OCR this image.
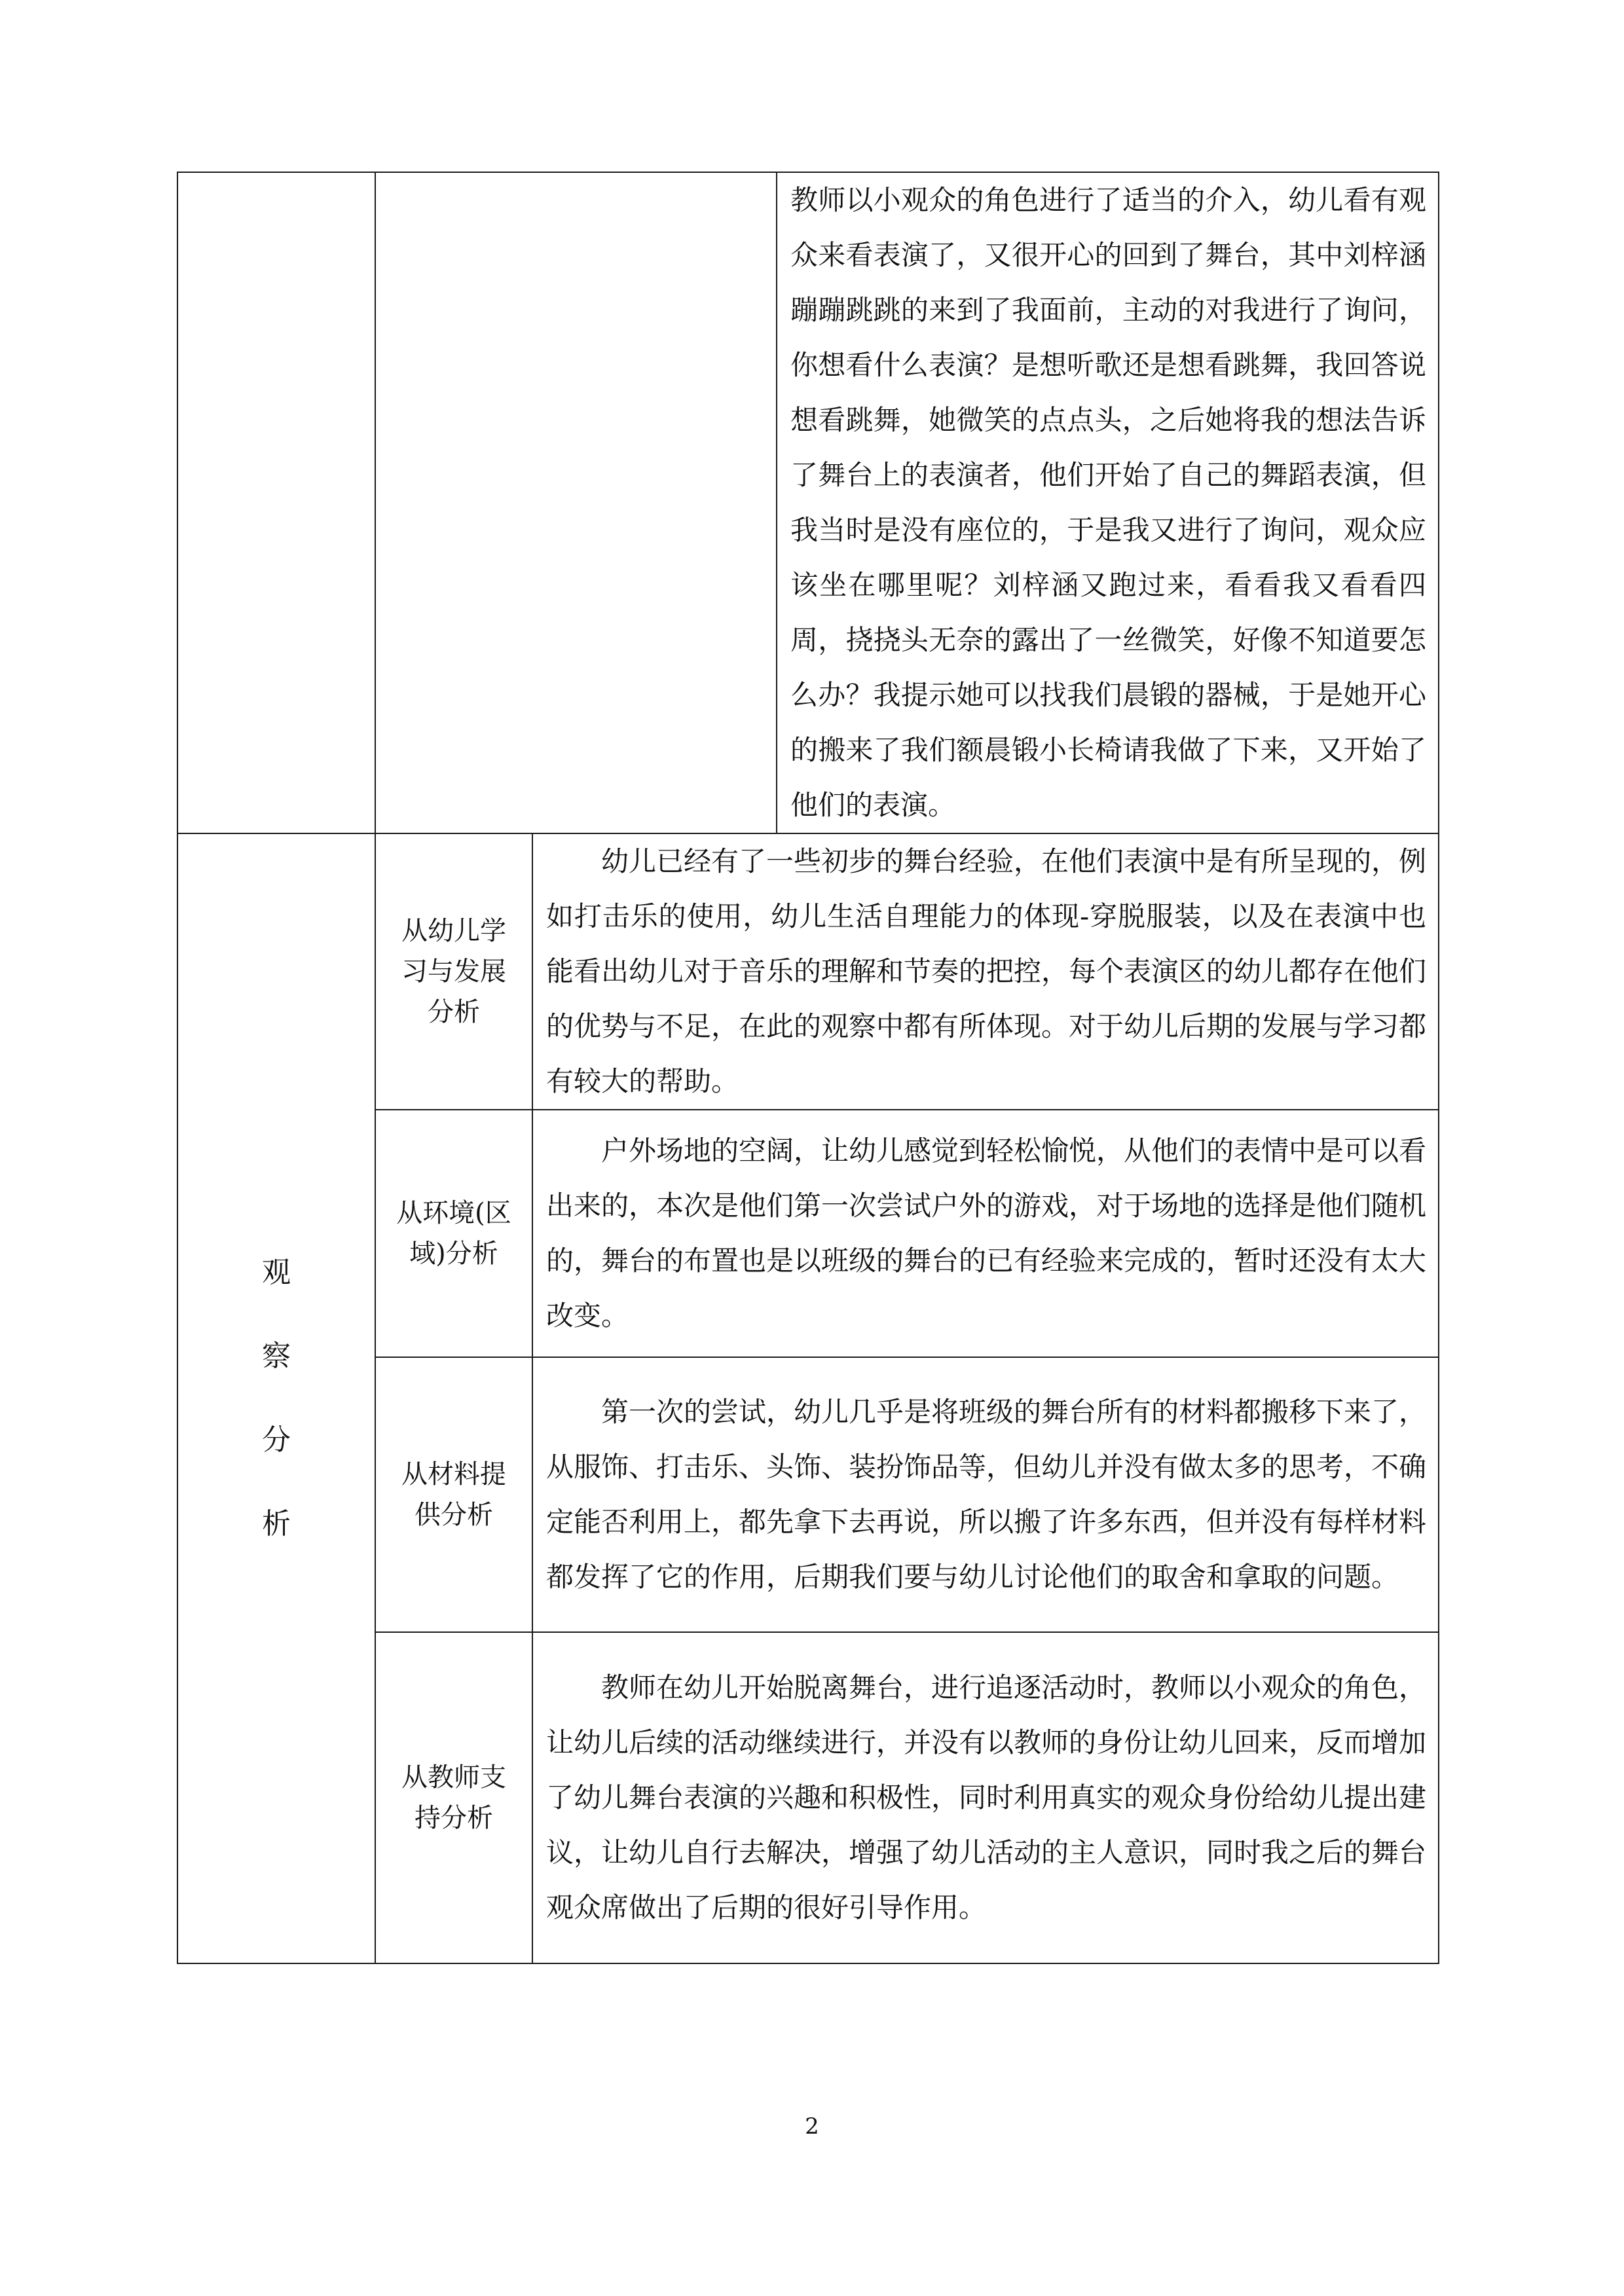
			教师以小观众的角色进行了适当的介入，幼儿看有观众来看表演了，又很开心的回到了舞台，其中刘梓涵蹦蹦跳跳的来到了我面前，主动的对我进行了询问，你想看什么表演？是想听歌还是想看跳舞，我回答说想看跳舞，她微笑的点点头，之后她将我的想法告诉了舞台上的表演者，他们开始了自己的舞蹈表演，但我当时是没有座位的，于是我又进行了询问，观众应该坐在哪里呢？刘梓涵又跑过来，看看我又看看四周，挠挠头无奈的露出了一丝微笑，好像不知道要怎么办？我提示她可以找我们晨锻的器械，于是她开心的搬来了我们额晨锻小长椅请我做了下来，又开始了他们的表演。

观
察
分
析	从幼儿学习与发展分析	幼儿已经有了一些初步的舞台经验，在他们表演中是有所呈现的，例如打击乐的使用，幼儿生活自理能力的体现-穿脱服装，以及在表演中也能看出幼儿对于音乐的理解和节奏的把控，每个表演区的幼儿都存在他们的优势与不足，在此的观察中都有所体现。对于幼儿后期的发展与学习都有较大的帮助。	

	从环境(区域)分析	户外场地的空阔，让幼儿感觉到轻松愉悦，从他们的表情中是可以看出来的，本次是他们第一次尝试户外的游戏，对于场地的选择是他们随机的，舞台的布置也是以班级的舞台的已有经验来完成的，暂时还没有太大改变。	

	从材料提供分析	第一次的尝试，幼儿几乎是将班级的舞台所有的材料都搬移下来了，从服饰、打击乐、头饰、装扮饰品等，但幼儿并没有做太多的思考，不确定能否利用上，都先拿下去再说，所以搬了许多东西，但并没有每样材料都发挥了它的作用，后期我们要与幼儿讨论他们的取舍和拿取的问题。	

	从教师支持分析	教师在幼儿开始脱离舞台，进行追逐活动时，教师以小观众的角色，让幼儿后续的活动继续进行，并没有以教师的身份让幼儿回来，反而增加了幼儿舞台表演的兴趣和积极性，同时利用真实的观众身份给幼儿提出建议，让幼儿自行去解决，增强了幼儿活动的主人意识，同时我之后的舞台观众席做出了后期的很好引导作用。	
2
